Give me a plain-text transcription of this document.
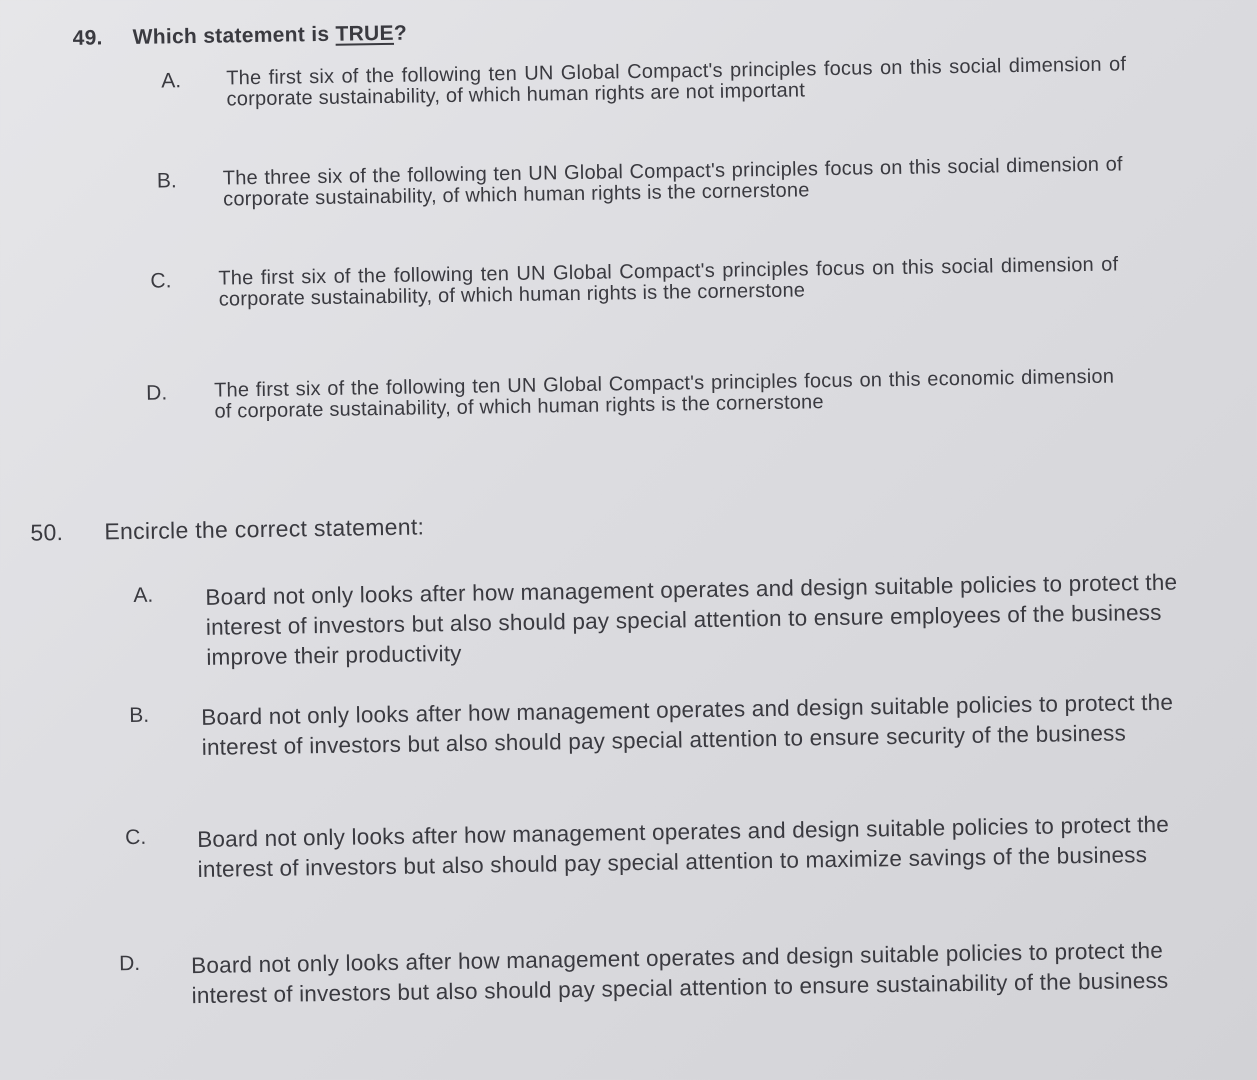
49. Which statement is TRUE?
A. The first six of the following ten UN Global Compact's principles focus on this social dimension of corporate sustainability, of which human rights are not important
B. The three six of the following ten UN Global Compact's principles focus on this social dimension of corporate sustainability, of which human rights is the cornerstone
C. The first six of the following ten UN Global Compact's principles focus on this social dimension of corporate sustainability, of which human rights is the cornerstone
D. The first six of the following ten UN Global Compact's principles focus on this economic dimension of corporate sustainability, of which human rights is the cornerstone
50. Encircle the correct statement:
A. Board not only looks after how management operates and design suitable policies to protect the interest of investors but also should pay special attention to ensure employees of the business improve their productivity
B. Board not only looks after how management operates and design suitable policies to protect the interest of investors but also should pay special attention to ensure security of the business
C. Board not only looks after how management operates and design suitable policies to protect the interest of investors but also should pay special attention to maximize savings of the business
D. Board not only looks after how management operates and design suitable policies to protect the interest of investors but also should pay special attention to ensure sustainability of the business
